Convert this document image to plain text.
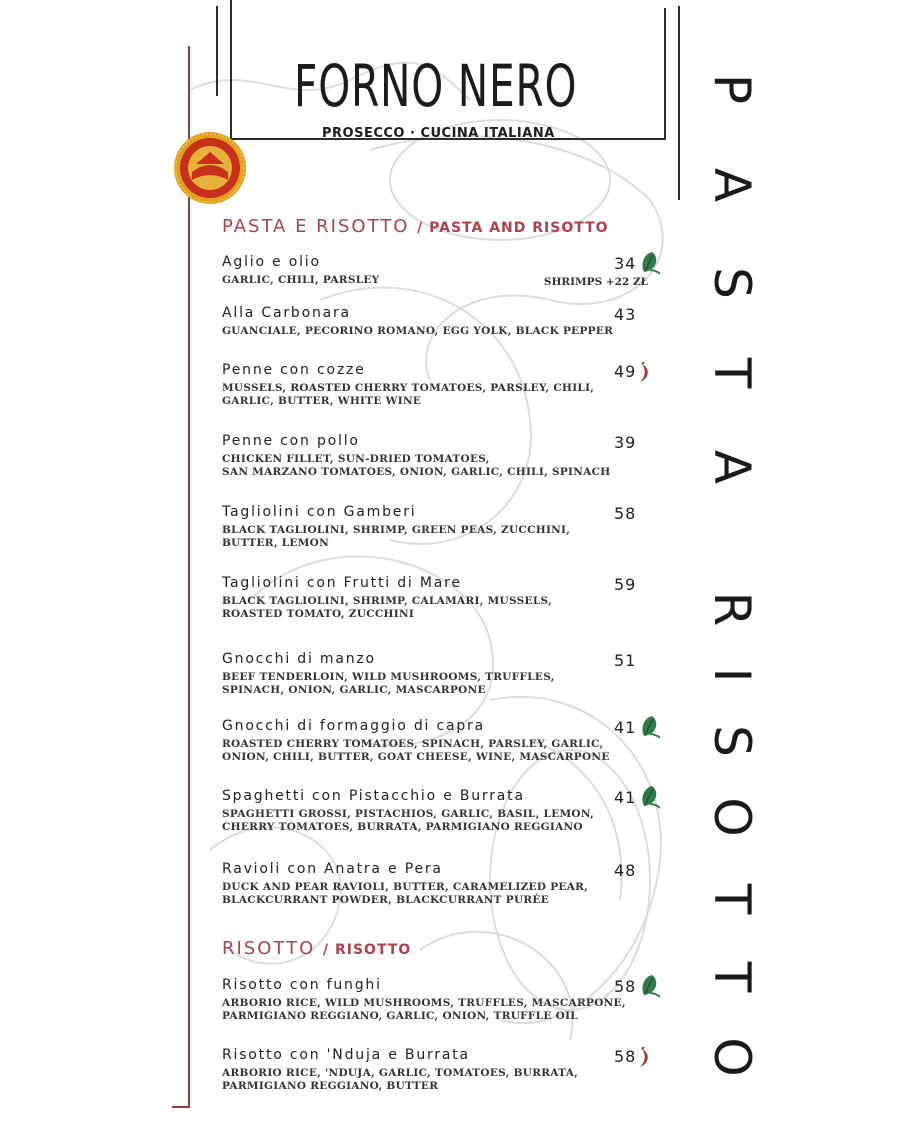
FORNO NERO
PROSECCO · CUCINA ITALIANA
P
A
S
T
A
R
I
S
O
T
T
O
PASTA E RISOTTO / PASTA AND RISOTTO
RISOTTO / RISOTTO
Aglio e olio	34
GARLIC, CHILI, PARSLEY	SHRIMPS +22 ZŁ
Alla Carbonara	43
GUANCIALE, PECORINO ROMANO, EGG YOLK, BLACK PEPPER
Penne con cozze	49
MUSSELS, ROASTED CHERRY TOMATOES, PARSLEY, CHILI,
GARLIC, BUTTER, WHITE WINE
Penne con pollo	39
CHICKEN FILLET, SUN-DRIED TOMATOES,
SAN MARZANO TOMATOES, ONION, GARLIC, CHILI, SPINACH
Tagliolini con Gamberi	58
BLACK TAGLIOLINI, SHRIMP, GREEN PEAS, ZUCCHINI,
BUTTER, LEMON
Tagliolini con Frutti di Mare	59
BLACK TAGLIOLINI, SHRIMP, CALAMARI, MUSSELS,
ROASTED TOMATO, ZUCCHINI
Gnocchi di manzo	51
BEEF TENDERLOIN, WILD MUSHROOMS, TRUFFLES,
SPINACH, ONION, GARLIC, MASCARPONE
Gnocchi di formaggio di capra	41
ROASTED CHERRY TOMATOES, SPINACH, PARSLEY, GARLIC,
ONION, CHILI, BUTTER, GOAT CHEESE, WINE, MASCARPONE
Spaghetti con Pistacchio e Burrata	41
SPAGHETTI GROSSI, PISTACHIOS, GARLIC, BASIL, LEMON,
CHERRY TOMATOES, BURRATA, PARMIGIANO REGGIANO
Ravioli con Anatra e Pera	48
DUCK AND PEAR RAVIOLI, BUTTER, CARAMELIZED PEAR,
BLACKCURRANT POWDER, BLACKCURRANT PURÉE
Risotto con funghi	58
ARBORIO RICE, WILD MUSHROOMS, TRUFFLES, MASCARPONE,
PARMIGIANO REGGIANO, GARLIC, ONION, TRUFFLE OIL
Risotto con 'Nduja e Burrata	58
ARBORIO RICE, 'NDUJA, GARLIC, TOMATOES, BURRATA,
PARMIGIANO REGGIANO, BUTTER
